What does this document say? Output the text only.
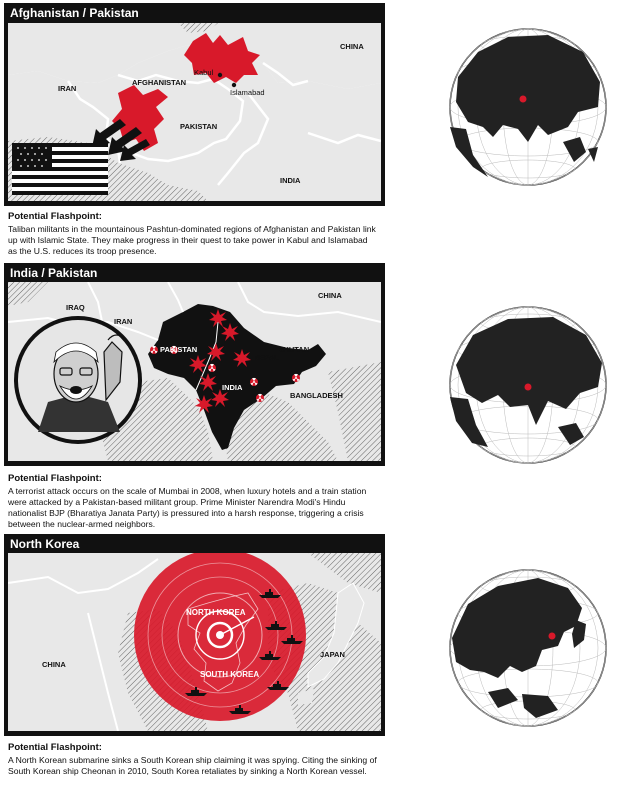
Afghanistan / Pakistan
CHINA
IRAN
Kabul
AFGHANISTAN
Islamabad
PAKISTAN
INDIA
Potential Flashpoint:
Taliban militants in the mountainous Pashtun-dominated regions of Afghanistan and Pakistan link up with Islamic State. They make progress in their quest to take power in Kabul and Islamabad as the U.S. reduces its troop presence.
India / Pakistan
CHINA
IRAQ
IRAN
PAKISTAN	BHUTAN
NEPAL
INDIA
BANGLADESH
Potential Flashpoint:
A terrorist attack occurs on the scale of Mumbai in 2008, when luxury hotels and a train station were attacked by a Pakistan-based militant group. Prime Minister Narendra Modi's Hindu nationalist BJP (Bharatiya Janata Party) is pressured into a harsh response, triggering a crisis between the nuclear-armed neighbors.
North Korea
NORTH KOREA
SOUTH KOREA
CHINA
JAPAN
Potential Flashpoint:
A North Korean submarine sinks a South Korean ship claiming it was spying. Citing the sinking of South Korean ship Cheonan in 2010, South Korea retaliates by sinking a North Korean vessel.
